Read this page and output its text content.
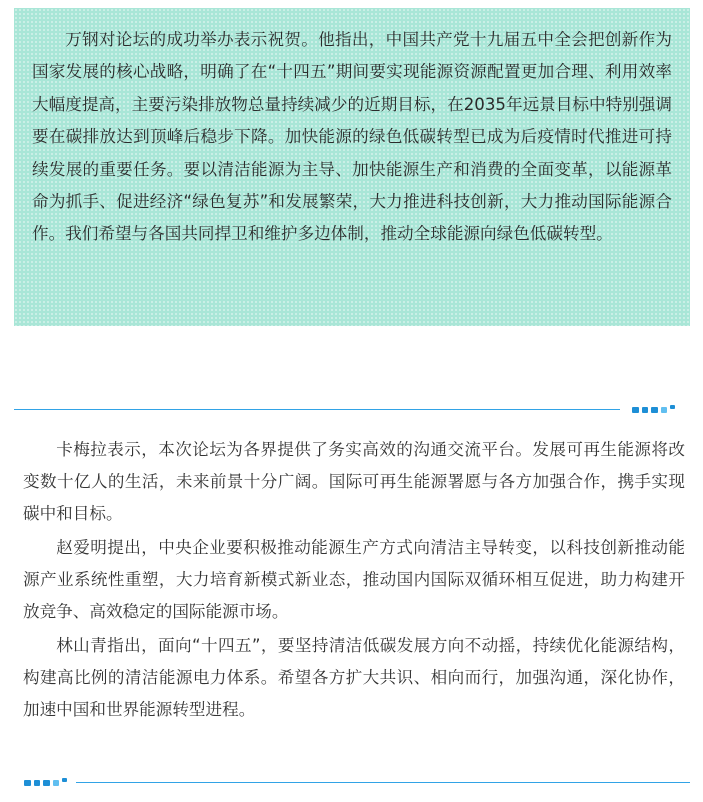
万钢对论坛的成功举办表示祝贺。他指出，中国共产党十九届五中全会把创新作为国家发展的核心战略，明确了在“十四五”期间要实现能源资源配置更加合理、利用效率大幅度提高，主要污染排放物总量持续减少的近期目标，在2035年远景目标中特别强调要在碳排放达到顶峰后稳步下降。加快能源的绿色低碳转型已成为后疫情时代推进可持续发展的重要任务。要以清洁能源为主导、加快能源生产和消费的全面变革，以能源革命为抓手、促进经济“绿色复苏”和发展繁荣，大力推进科技创新，大力推动国际能源合作。我们希望与各国共同捍卫和维护多边体制，推动全球能源向绿色低碳转型。

卡梅拉表示，本次论坛为各界提供了务实高效的沟通交流平台。发展可再生能源将改变数十亿人的生活，未来前景十分广阔。国际可再生能源署愿与各方加强合作，携手实现碳中和目标。

赵爱明提出，中央企业要积极推动能源生产方式向清洁主导转变，以科技创新推动能源产业系统性重塑，大力培育新模式新业态，推动国内国际双循环相互促进，助力构建开放竞争、高效稳定的国际能源市场。

林山青指出，面向“十四五”，要坚持清洁低碳发展方向不动摇，持续优化能源结构，构建高比例的清洁能源电力体系。希望各方扩大共识、相向而行，加强沟通，深化协作，加速中国和世界能源转型进程。
